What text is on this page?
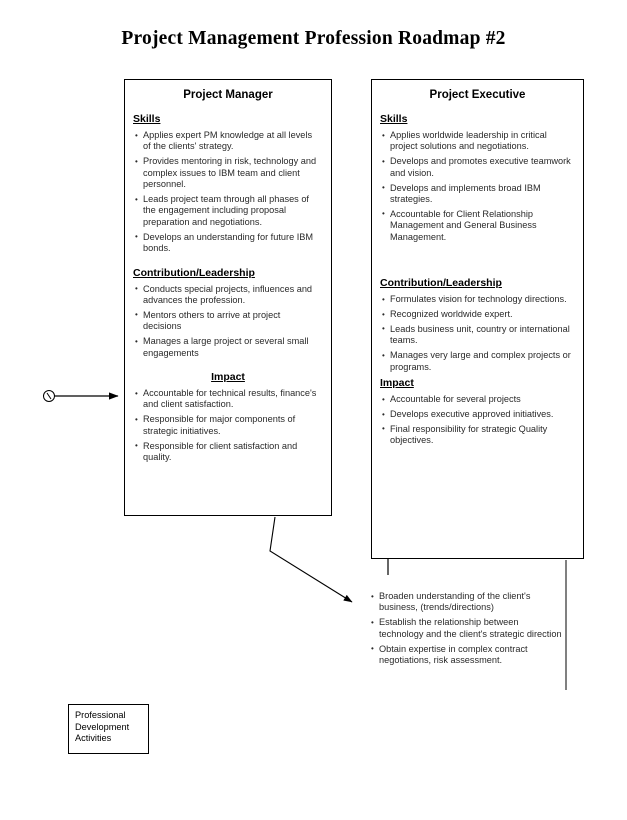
Project Management Profession Roadmap #2
Project Manager
Skills
• Applies expert PM knowledge at all levels of the clients' strategy.
• Provides mentoring in risk, technology and complex issues to IBM team and client personnel.
• Leads project team through all phases of the engagement including proposal preparation and negotiations.
• Develops an understanding for future IBM bonds.
Contribution/Leadership
• Conducts special projects, influences and advances the profession.
• Mentors others to arrive at project decisions
• Manages a large project or several small engagements
Impact
• Accountable for technical results, finance's and client satisfaction.
• Responsible for major components of strategic initiatives.
• Responsible for client satisfaction and quality.
Project Executive
Skills
• Applies worldwide leadership in critical project solutions and negotiations.
• Develops and promotes executive teamwork and vision.
• Develops and implements broad IBM strategies.
• Accountable for Client Relationship Management and General Business Management.
Contribution/Leadership
• Formulates vision for technology directions.
• Recognized worldwide expert.
• Leads business unit, country or international teams.
• Manages very large and complex projects or programs.
Impact
• Accountable for several projects
• Develops executive approved initiatives.
• Final responsibility for strategic Quality objectives.
• Broaden understanding of the client's business, (trends/directions)
• Establish the relationship between technology and the client's strategic direction
• Obtain expertise in complex contract negotiations, risk assessment.
Professional
Development
Activities
